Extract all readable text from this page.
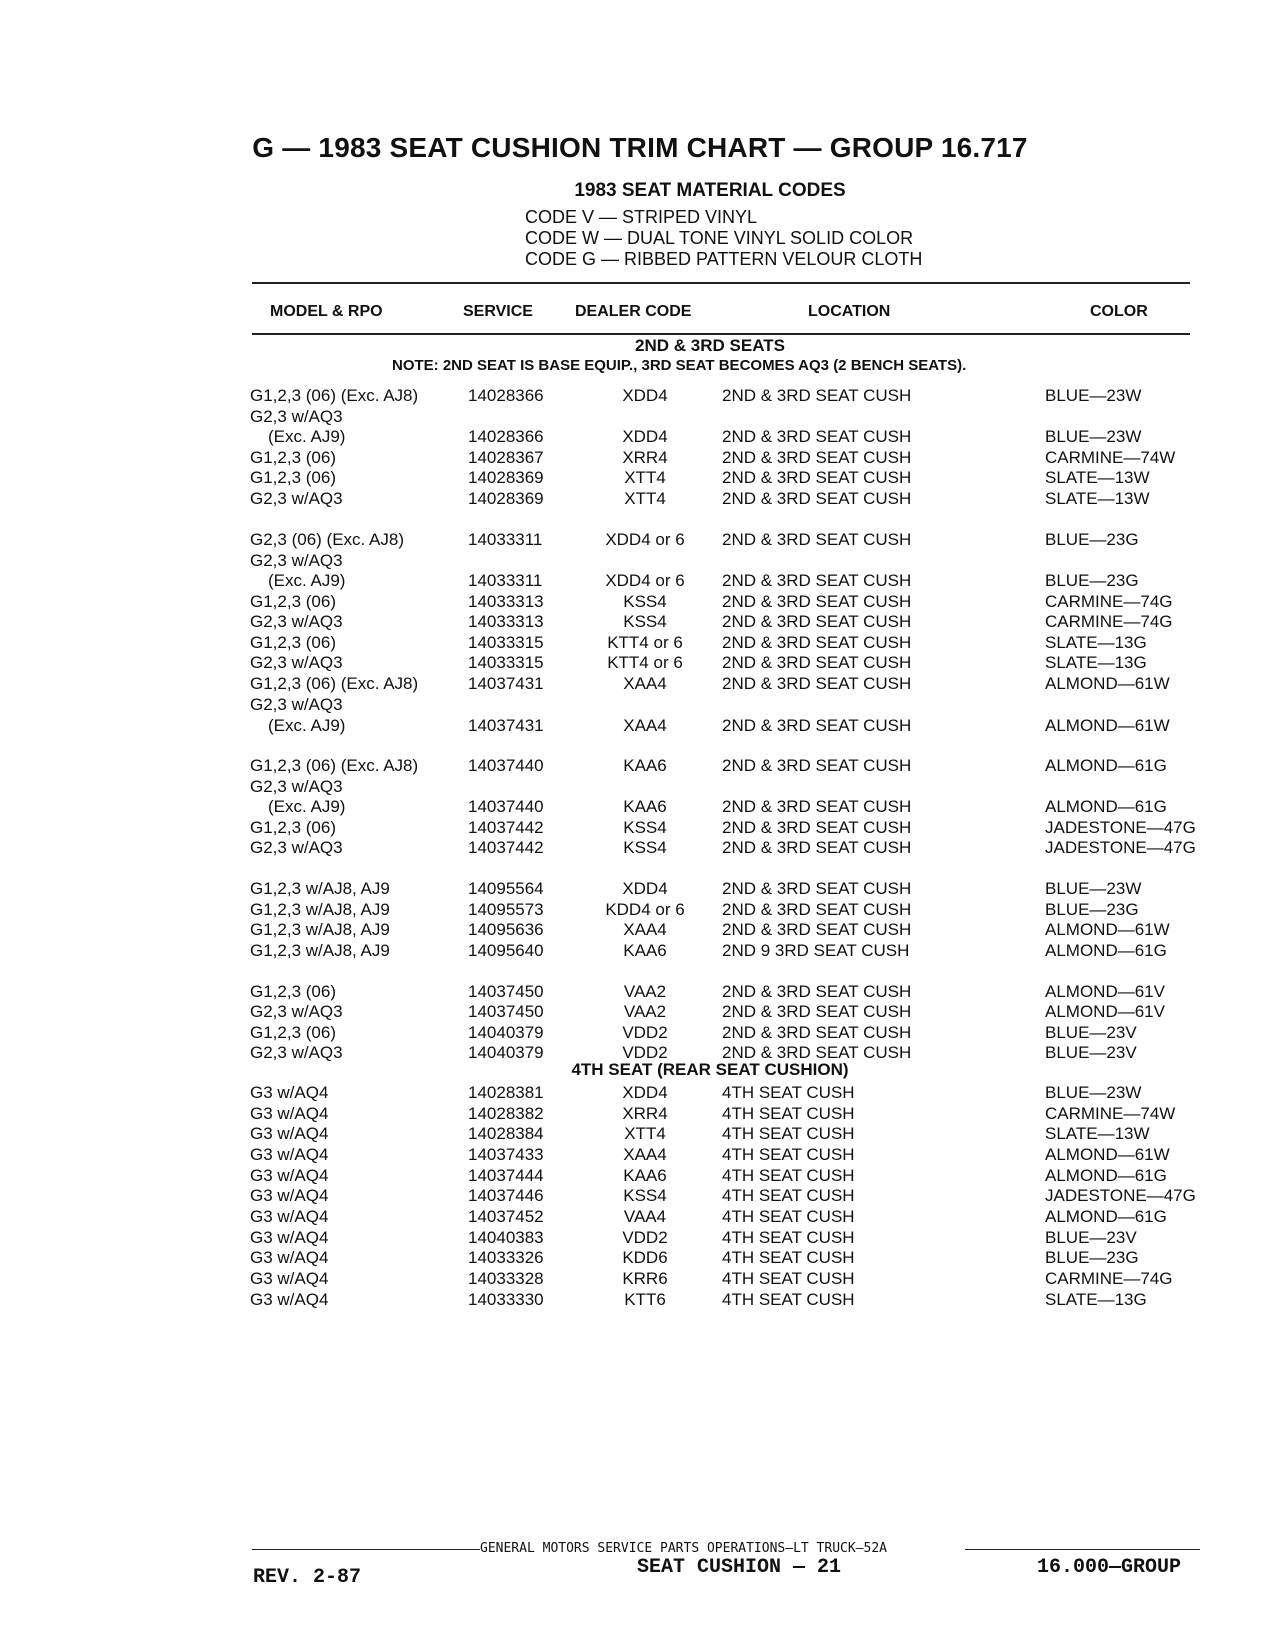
G — 1983 SEAT CUSHION TRIM CHART — GROUP 16.717
1983 SEAT MATERIAL CODES
CODE V — STRIPED VINYL
CODE W — DUAL TONE VINYL SOLID COLOR
CODE G — RIBBED PATTERN VELOUR CLOTH
MODEL & RPO	SERVICE	DEALER CODE	LOCATION	COLOR
2ND & 3RD SEATS
NOTE: 2ND SEAT IS BASE EQUIP., 3RD SEAT BECOMES AQ3 (2 BENCH SEATS).
4TH SEAT (REAR SEAT CUSHION)
G1,2,3 (06) (Exc. AJ8)	14028366	XDD4	2ND & 3RD SEAT CUSH	BLUE—23W
G2,3 w/AQ3
(Exc. AJ9)	14028366	XDD4	2ND & 3RD SEAT CUSH	BLUE—23W
G1,2,3 (06)	14028367	XRR4	2ND & 3RD SEAT CUSH	CARMINE—74W
G1,2,3 (06)	14028369	XTT4	2ND & 3RD SEAT CUSH	SLATE—13W
G2,3 w/AQ3	14028369	XTT4	2ND & 3RD SEAT CUSH	SLATE—13W
G2,3 (06) (Exc. AJ8)	14033311	XDD4 or 6	2ND & 3RD SEAT CUSH	BLUE—23G
G2,3 w/AQ3
(Exc. AJ9)	14033311	XDD4 or 6	2ND & 3RD SEAT CUSH	BLUE—23G
G1,2,3 (06)	14033313	KSS4	2ND & 3RD SEAT CUSH	CARMINE—74G
G2,3 w/AQ3	14033313	KSS4	2ND & 3RD SEAT CUSH	CARMINE—74G
G1,2,3 (06)	14033315	KTT4 or 6	2ND & 3RD SEAT CUSH	SLATE—13G
G2,3 w/AQ3	14033315	KTT4 or 6	2ND & 3RD SEAT CUSH	SLATE—13G
G1,2,3 (06) (Exc. AJ8)	14037431	XAA4	2ND & 3RD SEAT CUSH	ALMOND—61W
G2,3 w/AQ3
(Exc. AJ9)	14037431	XAA4	2ND & 3RD SEAT CUSH	ALMOND—61W
G1,2,3 (06) (Exc. AJ8)	14037440	KAA6	2ND & 3RD SEAT CUSH	ALMOND—61G
G2,3 w/AQ3
(Exc. AJ9)	14037440	KAA6	2ND & 3RD SEAT CUSH	ALMOND—61G
G1,2,3 (06)	14037442	KSS4	2ND & 3RD SEAT CUSH	JADESTONE—47G
G2,3 w/AQ3	14037442	KSS4	2ND & 3RD SEAT CUSH	JADESTONE—47G
G1,2,3 w/AJ8, AJ9	14095564	XDD4	2ND & 3RD SEAT CUSH	BLUE—23W
G1,2,3 w/AJ8, AJ9	14095573	KDD4 or 6	2ND & 3RD SEAT CUSH	BLUE—23G
G1,2,3 w/AJ8, AJ9	14095636	XAA4	2ND & 3RD SEAT CUSH	ALMOND—61W
G1,2,3 w/AJ8, AJ9	14095640	KAA6	2ND 9 3RD SEAT CUSH	ALMOND—61G
G1,2,3 (06)	14037450	VAA2	2ND & 3RD SEAT CUSH	ALMOND—61V
G2,3 w/AQ3	14037450	VAA2	2ND & 3RD SEAT CUSH	ALMOND—61V
G1,2,3 (06)	14040379	VDD2	2ND & 3RD SEAT CUSH	BLUE—23V
G2,3 w/AQ3	14040379	VDD2	2ND & 3RD SEAT CUSH	BLUE—23V
G3 w/AQ4	14028381	XDD4	4TH SEAT CUSH	BLUE—23W
G3 w/AQ4	14028382	XRR4	4TH SEAT CUSH	CARMINE—74W
G3 w/AQ4	14028384	XTT4	4TH SEAT CUSH	SLATE—13W
G3 w/AQ4	14037433	XAA4	4TH SEAT CUSH	ALMOND—61W
G3 w/AQ4	14037444	KAA6	4TH SEAT CUSH	ALMOND—61G
G3 w/AQ4	14037446	KSS4	4TH SEAT CUSH	JADESTONE—47G
G3 w/AQ4	14037452	VAA4	4TH SEAT CUSH	ALMOND—61G
G3 w/AQ4	14040383	VDD2	4TH SEAT CUSH	BLUE—23V
G3 w/AQ4	14033326	KDD6	4TH SEAT CUSH	BLUE—23G
G3 w/AQ4	14033328	KRR6	4TH SEAT CUSH	CARMINE—74G
G3 w/AQ4	14033330	KTT6	4TH SEAT CUSH	SLATE—13G
GENERAL MOTORS SERVICE PARTS OPERATIONS—LT TRUCK—52A
REV. 2-87	SEAT CUSHION — 21	16.000—GROUP
